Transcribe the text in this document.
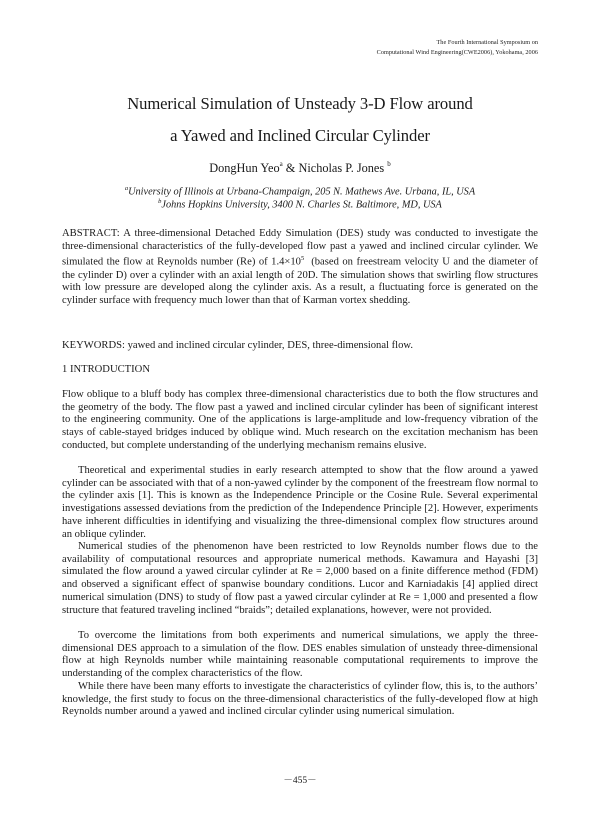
The Fourth International Symposium on
Computational Wind Engineering(CWE2006), Yokohama, 2006
Numerical Simulation of Unsteady 3-D Flow around
a Yawed and Inclined Circular Cylinder
DongHun Yeo$^a$ & Nicholas P. Jones $^b$
$^a$University of Illinois at Urbana-Champaign, 205 N. Mathews Ave. Urbana, IL, USA
$^b$Johns Hopkins University, 3400 N. Charles St. Baltimore, MD, USA

ABSTRACT: A three-dimensional Detached Eddy Simulation (DES) study was conducted to investigate the three-dimensional characteristics of the fully-developed flow past a yawed and inclined circular cylinder. We simulated the flow at Reynolds number (Re) of $1.4\times 10^5$  (based on freestream velocity U and the diameter of the cylinder D) over a cylinder with an axial length of 20D. The simulation shows that swirling flow structures with low pressure are developed along the cylinder axis. As a result, a fluctuating force is generated on the cylinder surface with frequency much lower than that of Karman vortex shedding.

KEYWORDS: yawed and inclined circular cylinder, DES, three-dimensional flow.

1 INTRODUCTION

Flow oblique to a bluff body has complex three-dimensional characteristics due to both the flow structures and the geometry of the body. The flow past a yawed and inclined circular cylinder has been of significant interest to the engineering community. One of the applications is large-amplitude and low-frequency vibration of the stays of cable-stayed bridges induced by oblique wind. Much research on the excitation mechanism has been conducted, but complete understanding of the underlying mechanism remains elusive.

Theoretical and experimental studies in early research attempted to show that the flow around a yawed cylinder can be associated with that of a non-yawed cylinder by the component of the freestream flow normal to the cylinder axis [1]. This is known as the Independence Principle or the Cosine Rule. Several experimental investigations assessed deviations from the prediction of the Independence Principle [2]. However, experiments have inherent difficulties in identifying and visualizing the three-dimensional complex flow structures around an oblique cylinder.

Numerical studies of the phenomenon have been restricted to low Reynolds number flows due to the availability of computational resources and appropriate numerical methods. Kawamura and Hayashi [3] simulated the flow around a yawed circular cylinder at Re = 2,000 based on a finite difference method (FDM) and observed a significant effect of spanwise boundary conditions. Lucor and Karniadakis [4] applied direct numerical simulation (DNS) to study of flow past a yawed circular cylinder at Re = 1,000 and presented a flow structure that featured traveling inclined “braids”; detailed explanations, however, were not provided.

To overcome the limitations from both experiments and numerical simulations, we apply the three-dimensional DES approach to a simulation of the flow. DES enables simulation of unsteady three-dimensional flow at high Reynolds number while maintaining reasonable computational requirements to improve the understanding of the complex characteristics of the flow.

While there have been many efforts to investigate the characteristics of cylinder flow, this is, to the authors’ knowledge, the first study to focus on the three-dimensional characteristics of the fully-developed flow at high Reynolds number around a yawed and inclined circular cylinder using numerical simulation.

－455－
